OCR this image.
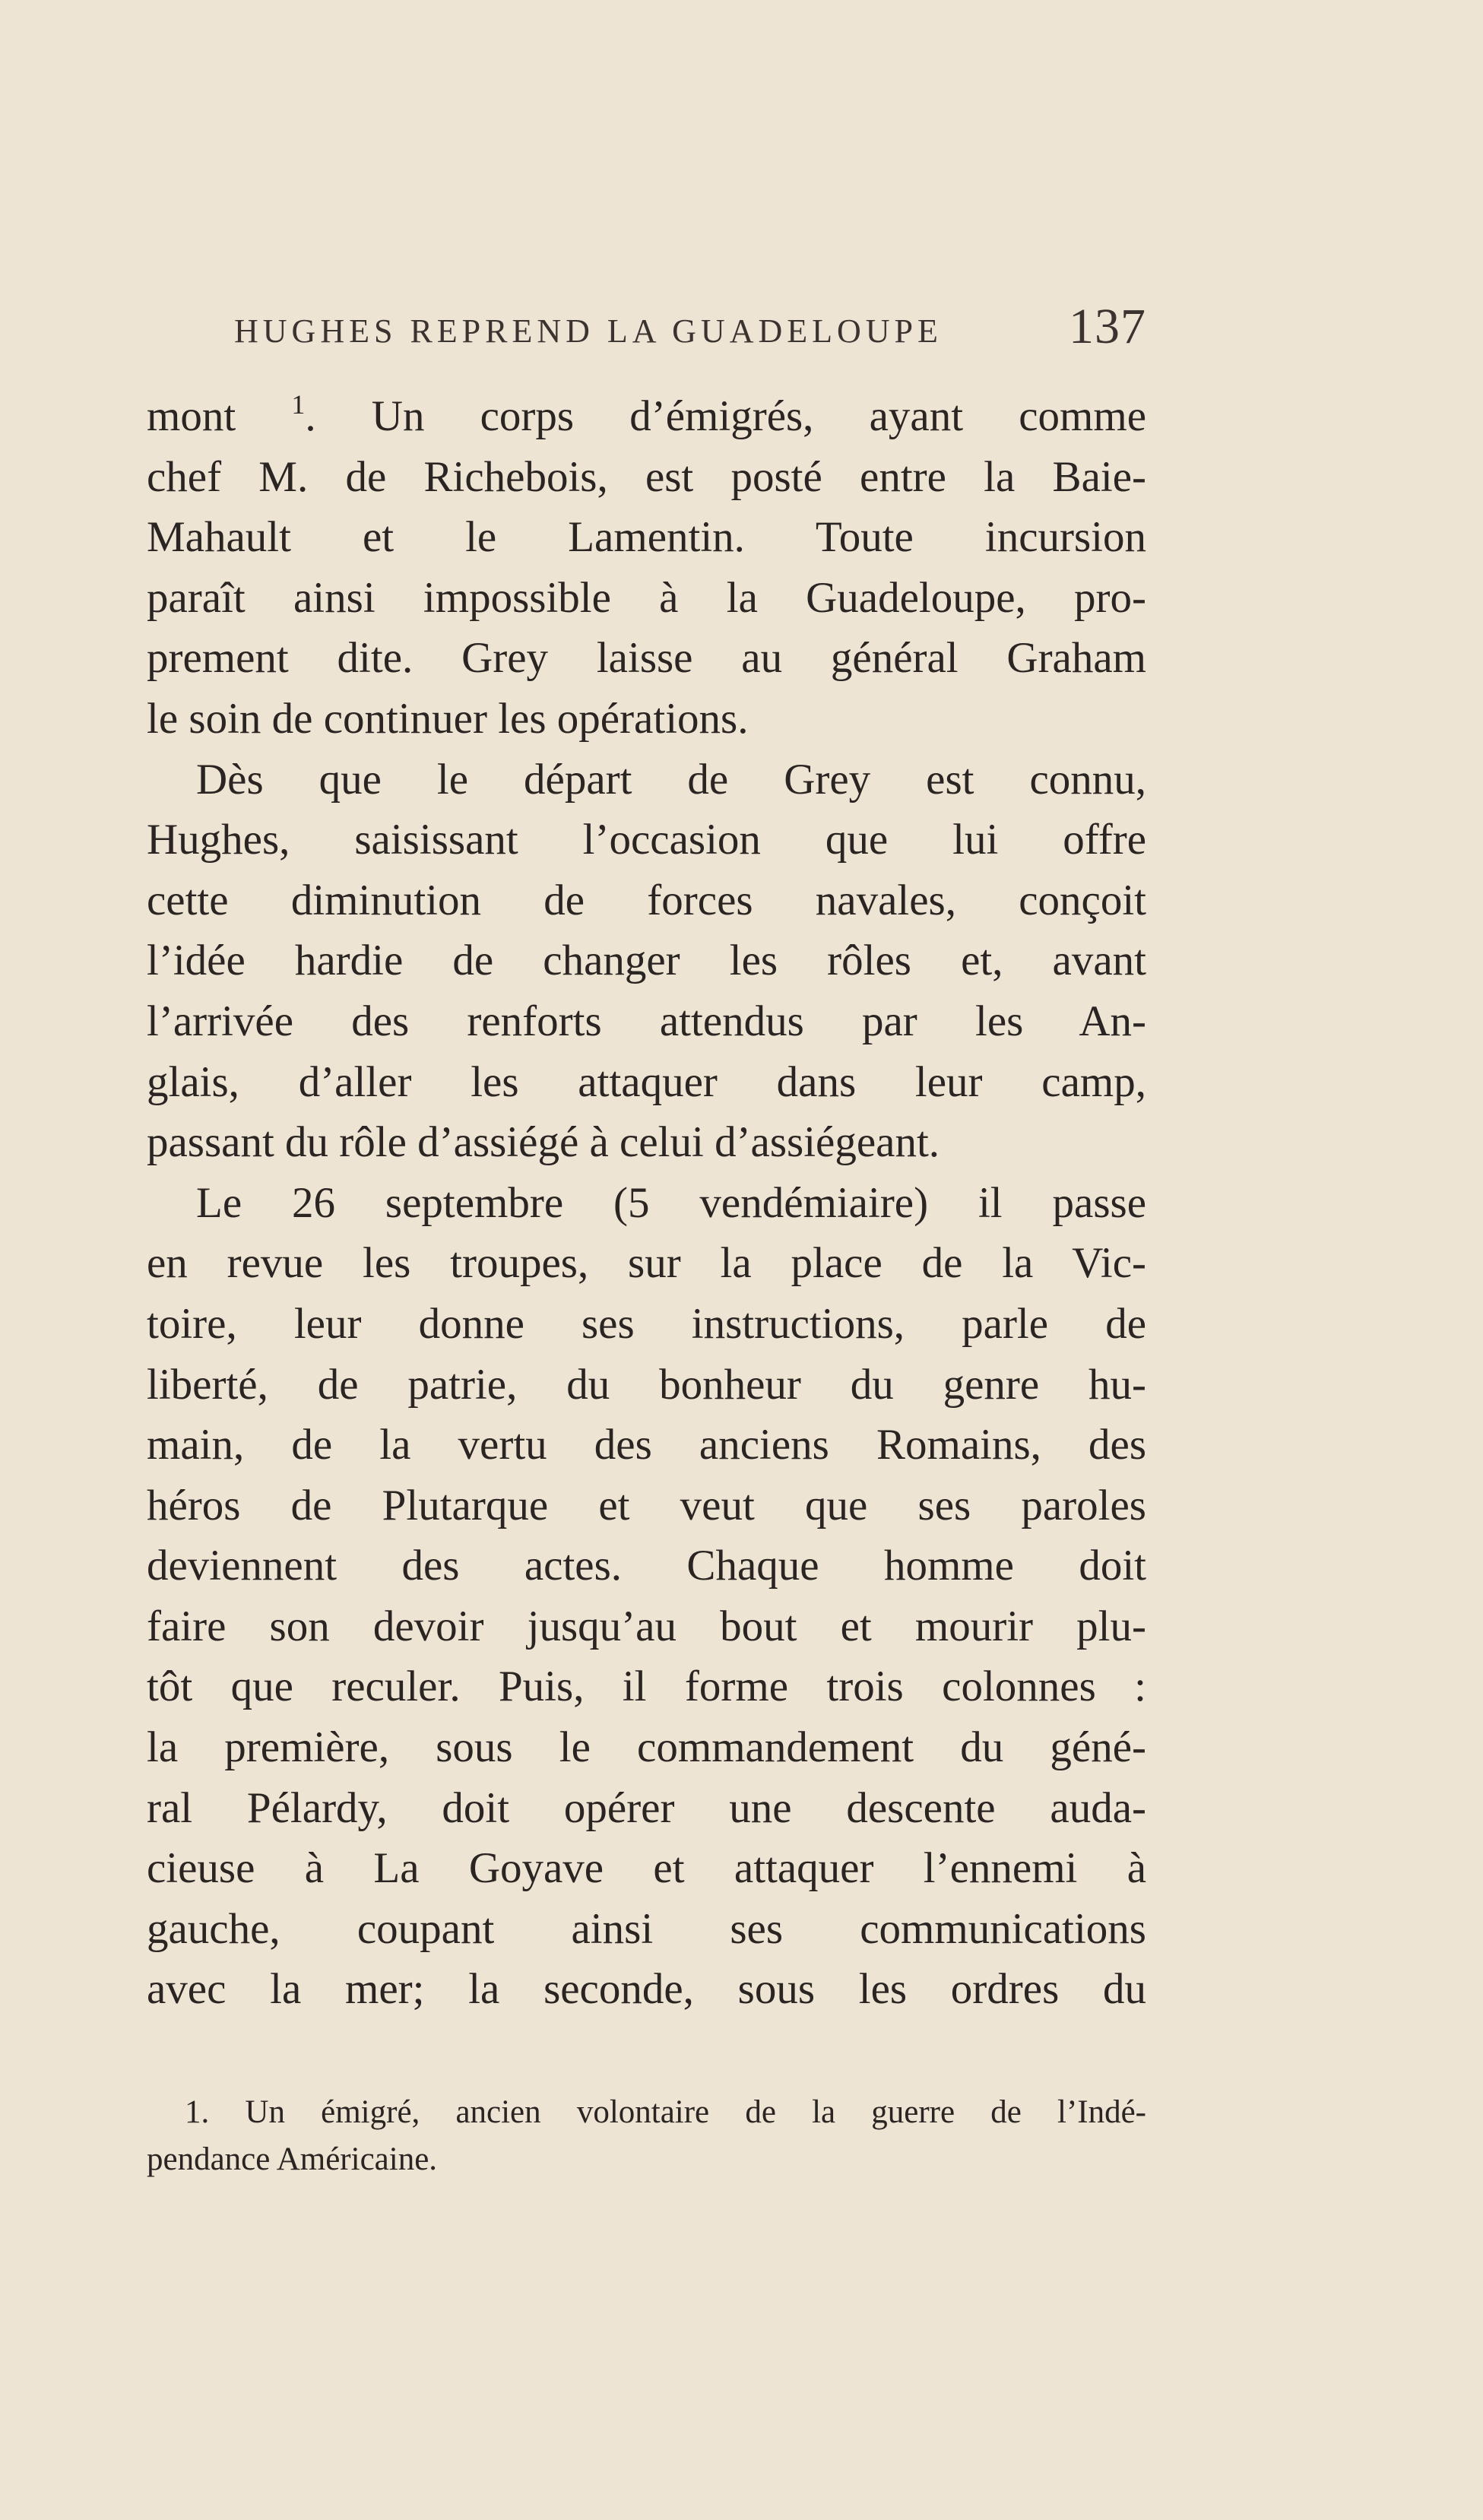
HUGHES REPREND LA GUADELOUPE	137
mont $^1$. Un corps d’émigrés, ayant comme
chef M. de Richebois, est posté entre la Baie-
Mahault et le Lamentin. Toute incursion
paraît ainsi impossible à la Guadeloupe, pro-
prement dite. Grey laisse au général Graham
le soin de continuer les opérations.
Dès que le départ de Grey est connu,
Hughes, saisissant l’occasion que lui offre
cette diminution de forces navales, conçoit
l’idée hardie de changer les rôles et, avant
l’arrivée des renforts attendus par les An-
glais, d’aller les attaquer dans leur camp,
passant du rôle d’assiégé à celui d’assiégeant.
Le 26 septembre (5 vendémiaire) il passe
en revue les troupes, sur la place de la Vic-
toire, leur donne ses instructions, parle de
liberté, de patrie, du bonheur du genre hu-
main, de la vertu des anciens Romains, des
héros de Plutarque et veut que ses paroles
deviennent des actes. Chaque homme doit
faire son devoir jusqu’au bout et mourir plu-
tôt que reculer. Puis, il forme trois colonnes :
la première, sous le commandement du géné-
ral Pélardy, doit opérer une descente auda-
cieuse à La Goyave et attaquer l’ennemi à
gauche, coupant ainsi ses communications
avec la mer; la seconde, sous les ordres du
1. Un émigré, ancien volontaire de la guerre de l’Indé-
pendance Américaine.
